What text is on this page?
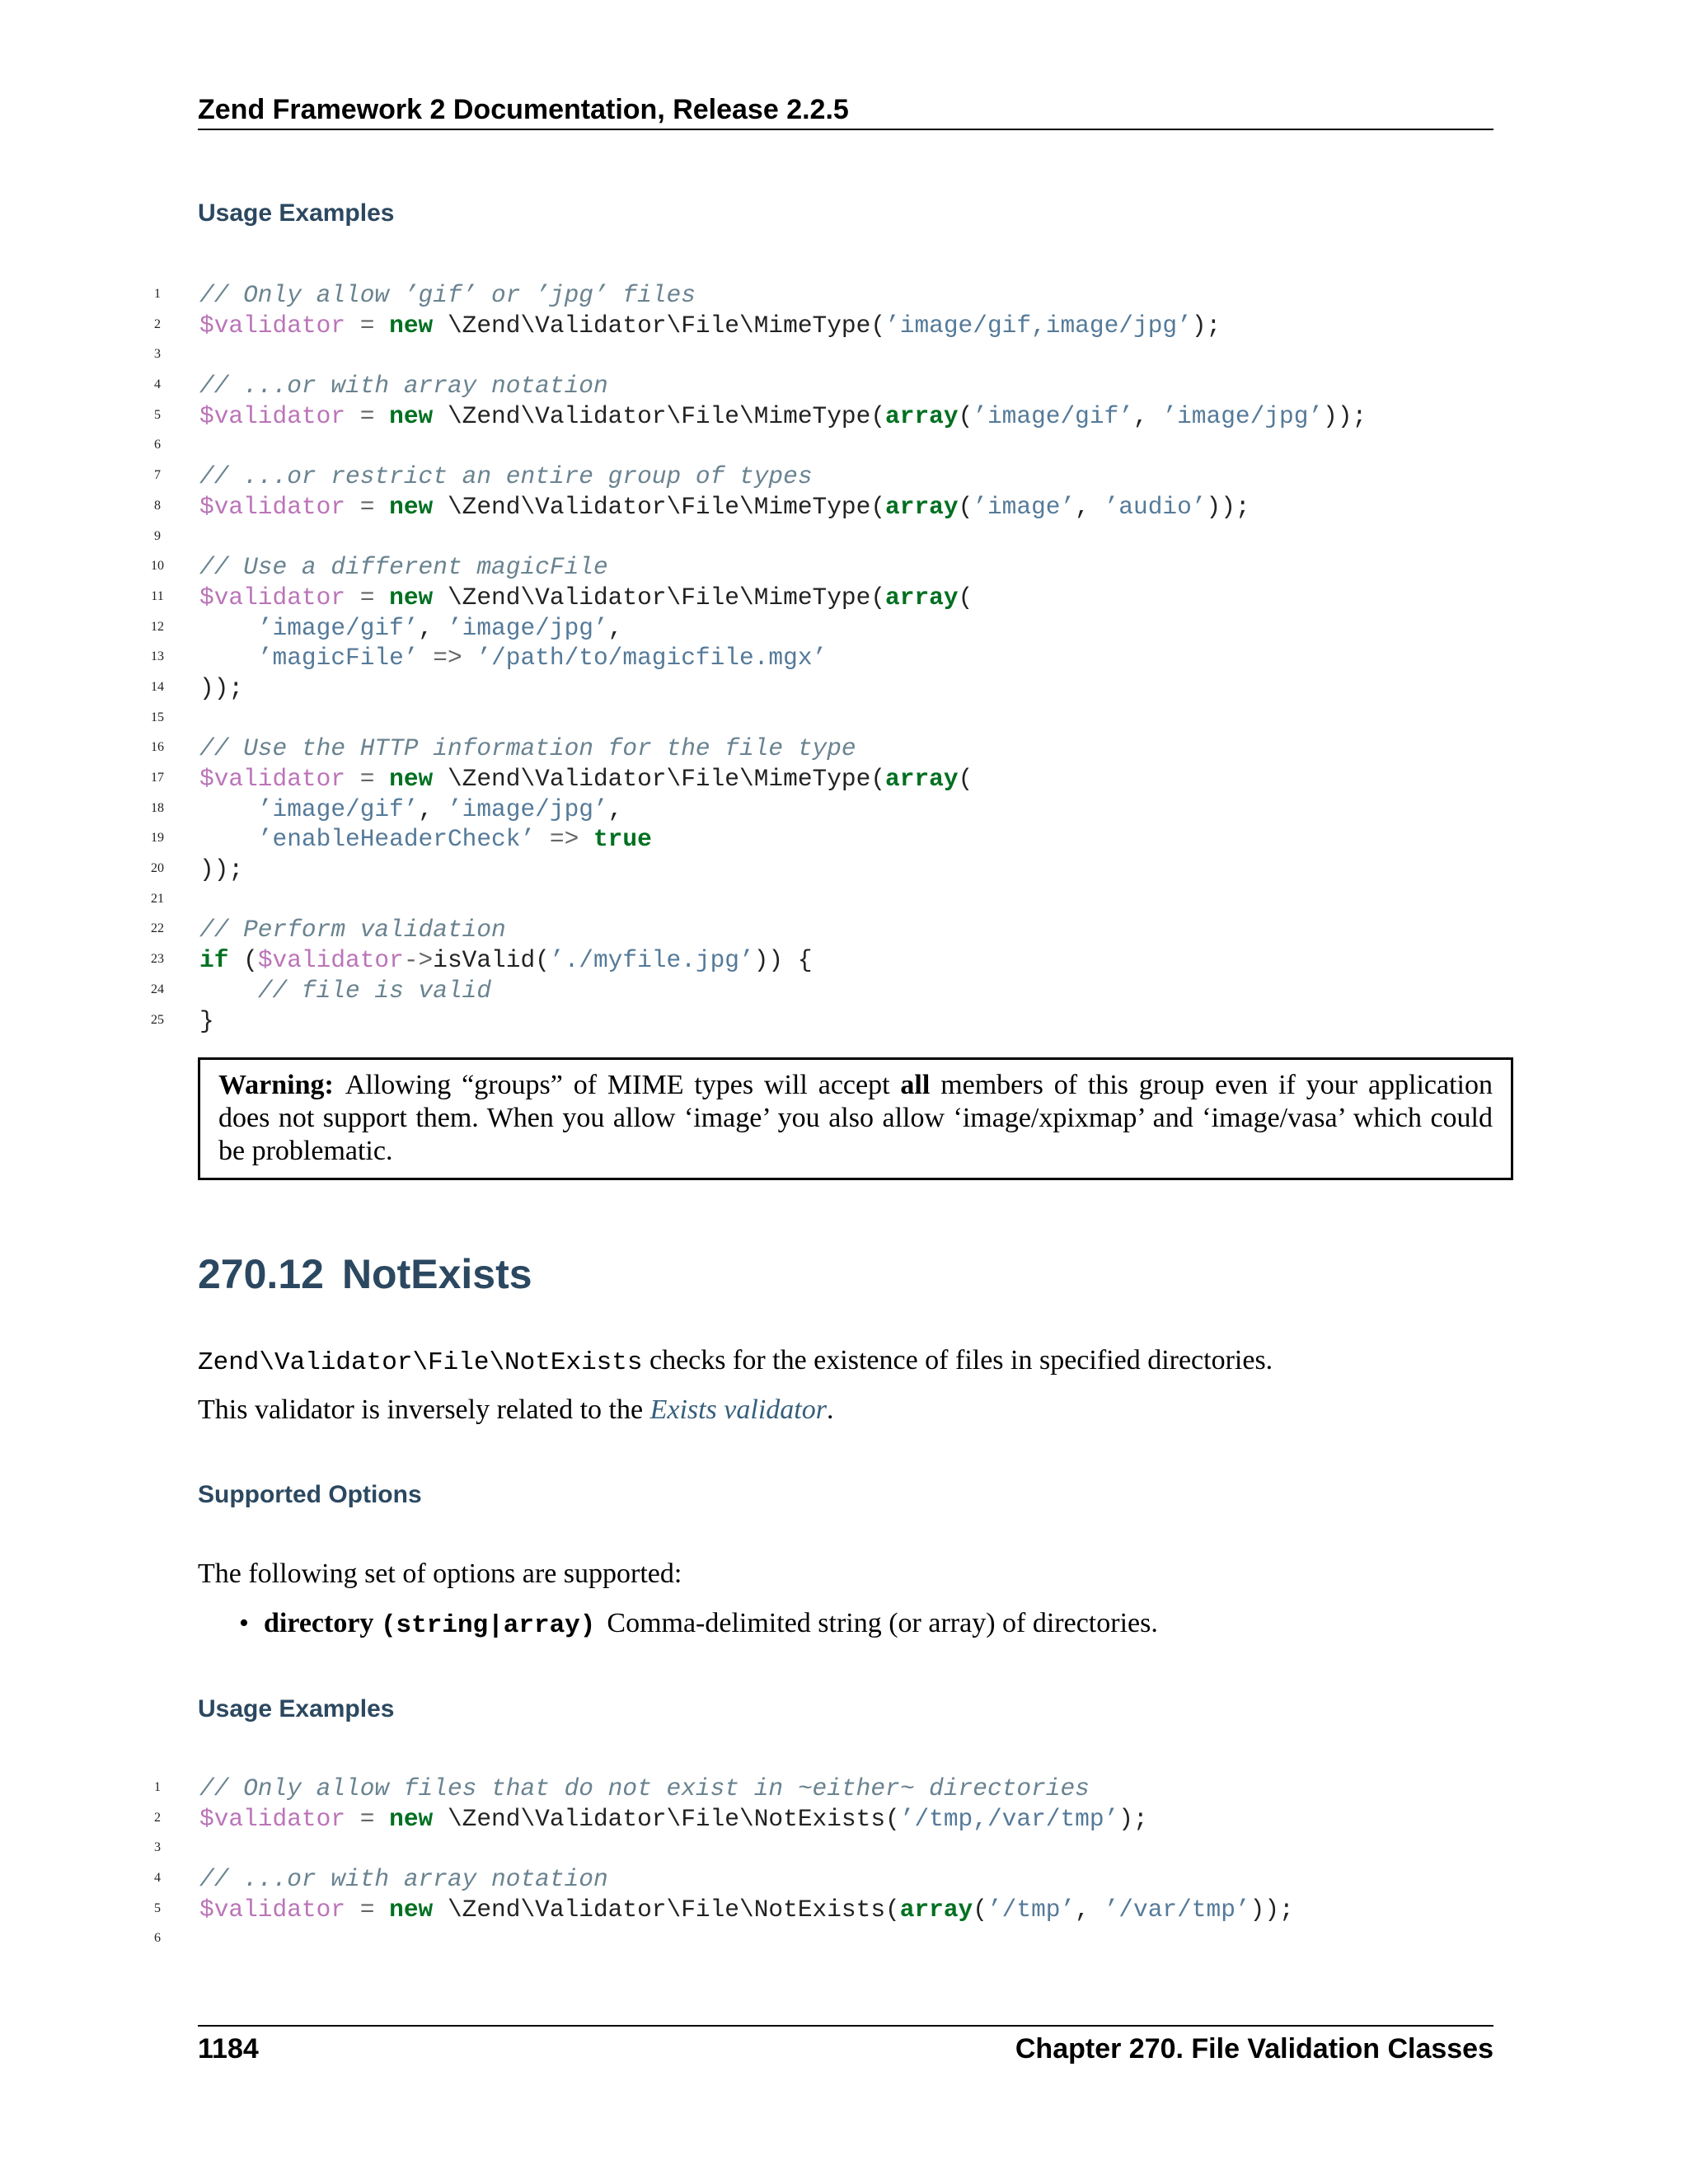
Zend Framework 2 Documentation, Release 2.2.5
Usage Examples
1 // Only allow ’gif’ or ’jpg’ files
2 $validator = new \Zend\Validator\File\MimeType(’image/gif,image/jpg’);
3
4 // ...or with array notation
5 $validator = new \Zend\Validator\File\MimeType(array(’image/gif’, ’image/jpg’));
6
7 // ...or restrict an entire group of types
8 $validator = new \Zend\Validator\File\MimeType(array(’image’, ’audio’));
9
10 // Use a different magicFile
11 $validator = new \Zend\Validator\File\MimeType(array(
12	’image/gif’, ’image/jpg’,
13	’magicFile’ => ’/path/to/magicfile.mgx’
14 ));
15
16 // Use the HTTP information for the file type
17 $validator = new \Zend\Validator\File\MimeType(array(
18	’image/gif’, ’image/jpg’,
19	’enableHeaderCheck’ => true
20 ));
21
22 // Perform validation
23 if ($validator->isValid(’./myfile.jpg’)) {
24	// file is valid
25 }
Warning: Allowing “groups” of MIME types will accept all members of this group even if your application does not support them. When you allow ‘image’ you also allow ‘image/xpixmap’ and ‘image/vasa’ which could be problematic.
270.12 NotExists
Zend\Validator\File\NotExists checks for the existence of files in specified directories.
This validator is inversely related to the Exists validator.
Supported Options
The following set of options are supported:
• directory (string|array) Comma-delimited string (or array) of directories.
Usage Examples
1 // Only allow files that do not exist in ~either~ directories
2 $validator = new \Zend\Validator\File\NotExists(’/tmp,/var/tmp’);
3
4 // ...or with array notation
5 $validator = new \Zend\Validator\File\NotExists(array(’/tmp’, ’/var/tmp’));
6
1184	Chapter 270. File Validation Classes
